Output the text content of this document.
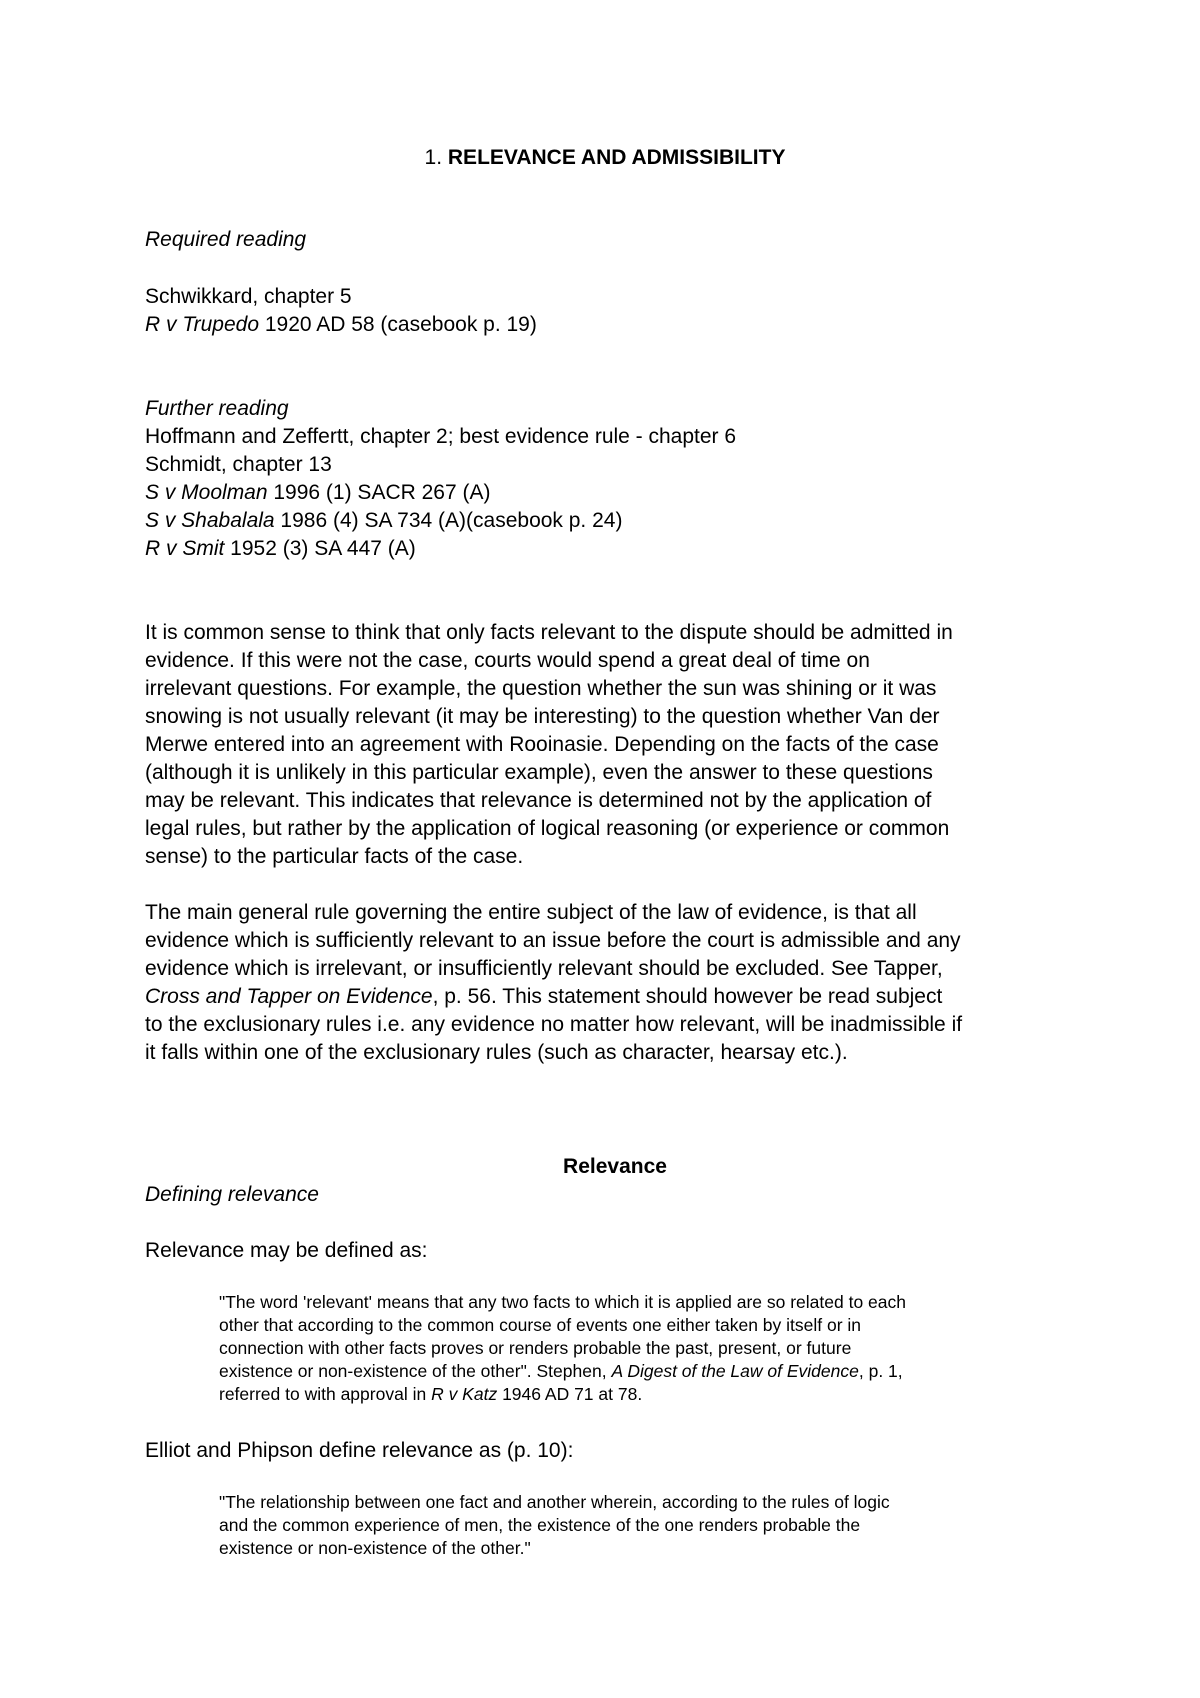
1. RELEVANCE AND ADMISSIBILITY

Required reading

Schwikkard, chapter 5

R v Trupedo 1920 AD 58 (casebook p. 19)

Further reading

Hoffmann and Zeffertt, chapter 2; best evidence rule - chapter 6

Schmidt, chapter 13

S v Moolman 1996 (1) SACR 267 (A)

S v Shabalala 1986 (4) SA 734 (A)(casebook p. 24)

R v Smit 1952 (3) SA 447 (A)

It is common sense to think that only facts relevant to the dispute should be admitted in

evidence. If this were not the case, courts would spend a great deal of time on

irrelevant questions. For example, the question whether the sun was shining or it was

snowing is not usually relevant (it may be interesting) to the question whether Van der

Merwe entered into an agreement with Rooinasie. Depending on the facts of the case

(although it is unlikely in this particular example), even the answer to these questions

may be relevant. This indicates that relevance is determined not by the application of

legal rules, but rather by the application of logical reasoning (or experience or common

sense) to the particular facts of the case.

The main general rule governing the entire subject of the law of evidence, is that all

evidence which is sufficiently relevant to an issue before the court is admissible and any

evidence which is irrelevant, or insufficiently relevant should be excluded. See Tapper,

Cross and Tapper on Evidence, p. 56. This statement should however be read subject

to the exclusionary rules i.e. any evidence no matter how relevant, will be inadmissible if

it falls within one of the exclusionary rules (such as character, hearsay etc.).

Relevance

Defining relevance

Relevance may be defined as:

"The word 'relevant' means that any two facts to which it is applied are so related to each

other that according to the common course of events one either taken by itself or in

connection with other facts proves or renders probable the past, present, or future

existence or non-existence of the other". Stephen, A Digest of the Law of Evidence, p. 1,

referred to with approval in R v Katz 1946 AD 71 at 78.

Elliot and Phipson define relevance as (p. 10):

"The relationship between one fact and another wherein, according to the rules of logic

and the common experience of men, the existence of the one renders probable the

existence or non-existence of the other."
